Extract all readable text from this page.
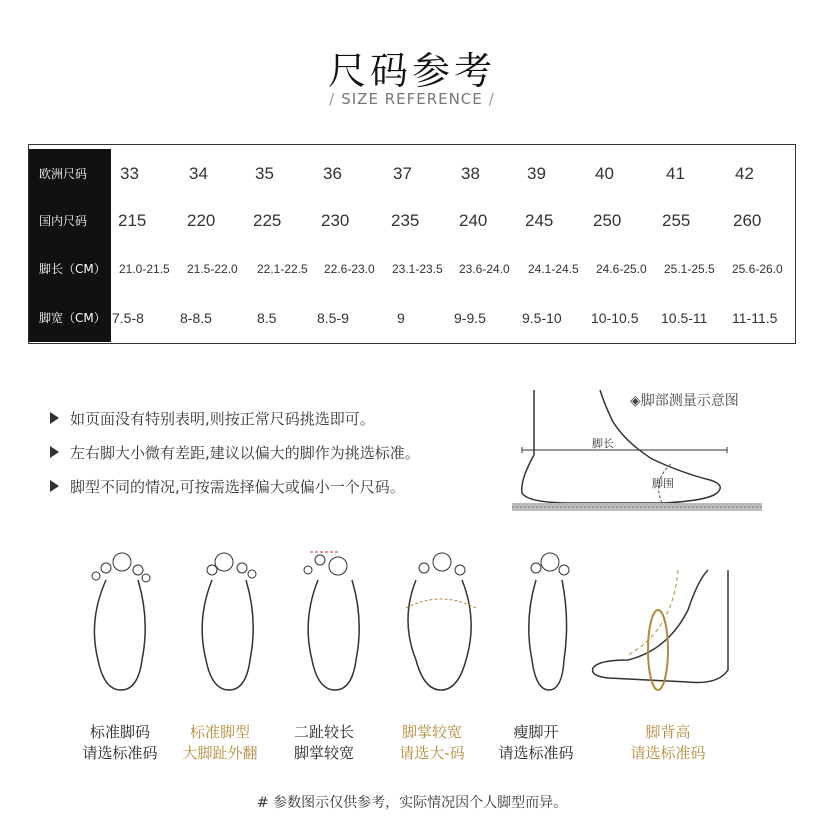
尺码参考
/ SIZE REFERENCE /
欧洲尺码	33	34	35	36	37	38	39	40	41	42
国内尺码	215 220 225 230 235 240 245 250 255	260
脚长（CM）	21.0-21.5 21.5-22.0 22.1-22.5 22.6-23.0 23.1-23.5 23.6-24.0 24.1-24.5 24.6-25.0 25.1-25.5 25.6-26.0
脚宽（CM） 7.5-8	8-8.5	8.5	8.5-9	9	9-9.5	9.5-10 10-10.5 10.5-11 11-11.5
如页面没有特别表明,则按正常尺码挑选即可。
左右脚大小微有差距,建议以偏大的脚作为挑选标准。
脚型不同的情况,可按需选择偏大或偏小一个尺码。
◈脚部测量示意图
脚长
脚围
标准脚码
请选标准码
标准脚型
大脚趾外翻
二趾较长
脚掌较宽
脚掌较宽
请选大-码
瘦脚开
请选标准码
脚背高
请选标准码
# 参数图示仅供参考，实际情况因个人脚型而异。
